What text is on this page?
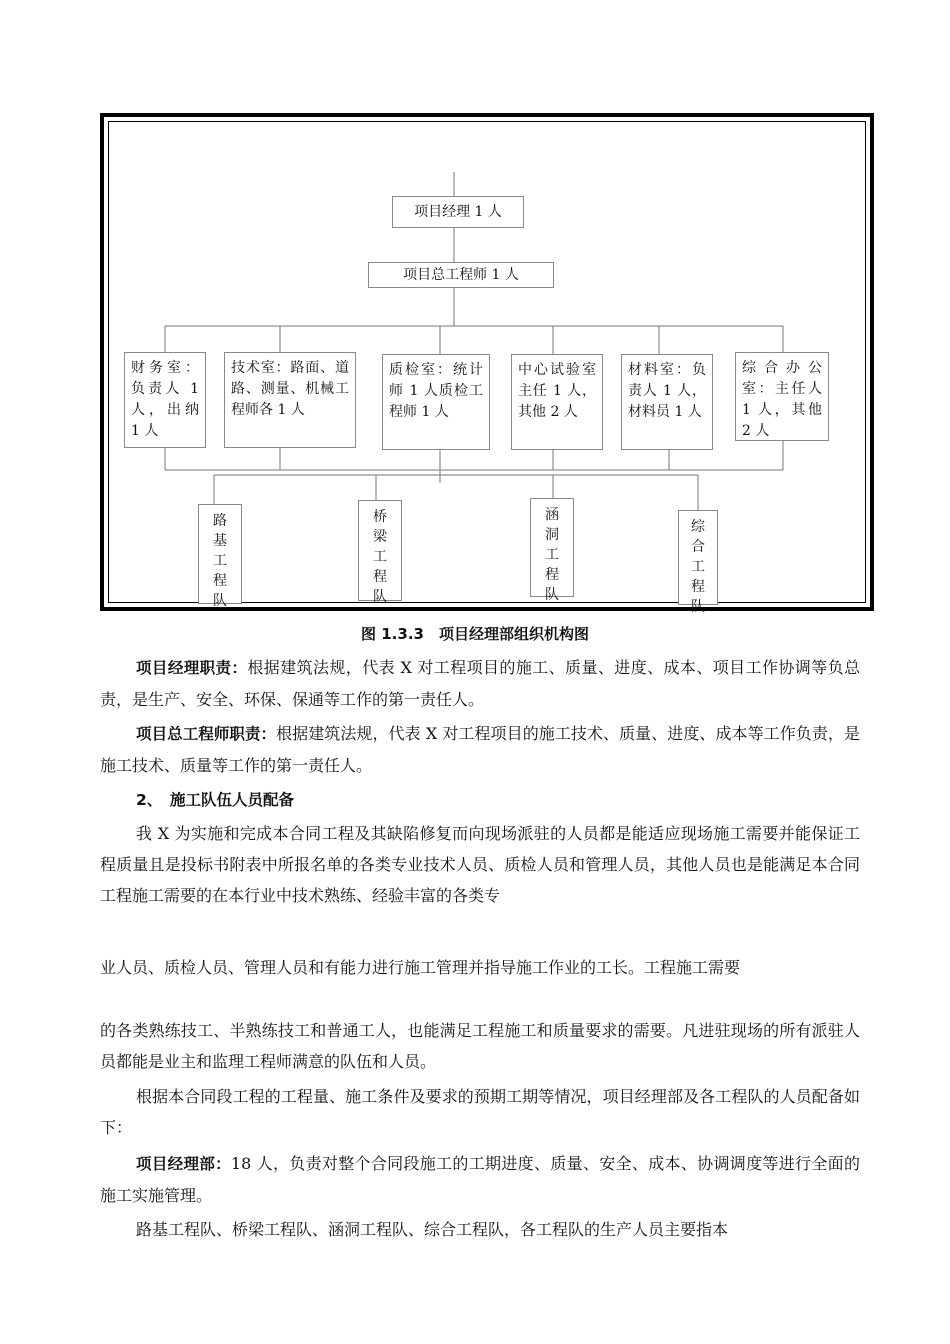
项目经理 1 人
项目总工程师 1 人
财务室：负责人 1 人，出纳 1 人
技术室：路面、道路、测量、机械工程师各 1 人
质检室：统计师 1 人质检工程师 1 人
中心试验室主任 1 人，其他 2 人
材料室：负责人 1 人，材料员 1 人
综合办公室：主任人 1 人，其他 2 人
路
基
工
程
队
桥
梁
工
程
队
涵
洞
工
程
队
综
合
工
程
队
图 1.3.3　项目经理部组织机构图
项目经理职责：根据建筑法规，代表 X 对工程项目的施工、质量、进度、成本、项目工作协调等负总责，是生产、安全、环保、保通等工作的第一责任人。
项目总工程师职责：根据建筑法规，代表 X 对工程项目的施工技术、质量、进度、成本等工作负责，是施工技术、质量等工作的第一责任人。
2、　施工队伍人员配备
我 X 为实施和完成本合同工程及其缺陷修复而向现场派驻的人员都是能适应现场施工需要并能保证工程质量且是投标书附表中所报名单的各类专业技术人员、质检人员和管理人员，其他人员也是能满足本合同工程施工需要的在本行业中技术熟练、经验丰富的各类专
业人员、质检人员、管理人员和有能力进行施工管理并指导施工作业的工长。工程施工需要
的各类熟练技工、半熟练技工和普通工人，也能满足工程施工和质量要求的需要。凡进驻现场的所有派驻人员都能是业主和监理工程师满意的队伍和人员。
根据本合同段工程的工程量、施工条件及要求的预期工期等情况，项目经理部及各工程队的人员配备如下：
项目经理部：18 人，负责对整个合同段施工的工期进度、质量、安全、成本、协调调度等进行全面的施工实施管理。
路基工程队、桥梁工程队、涵洞工程队、综合工程队，各工程队的生产人员主要指本
